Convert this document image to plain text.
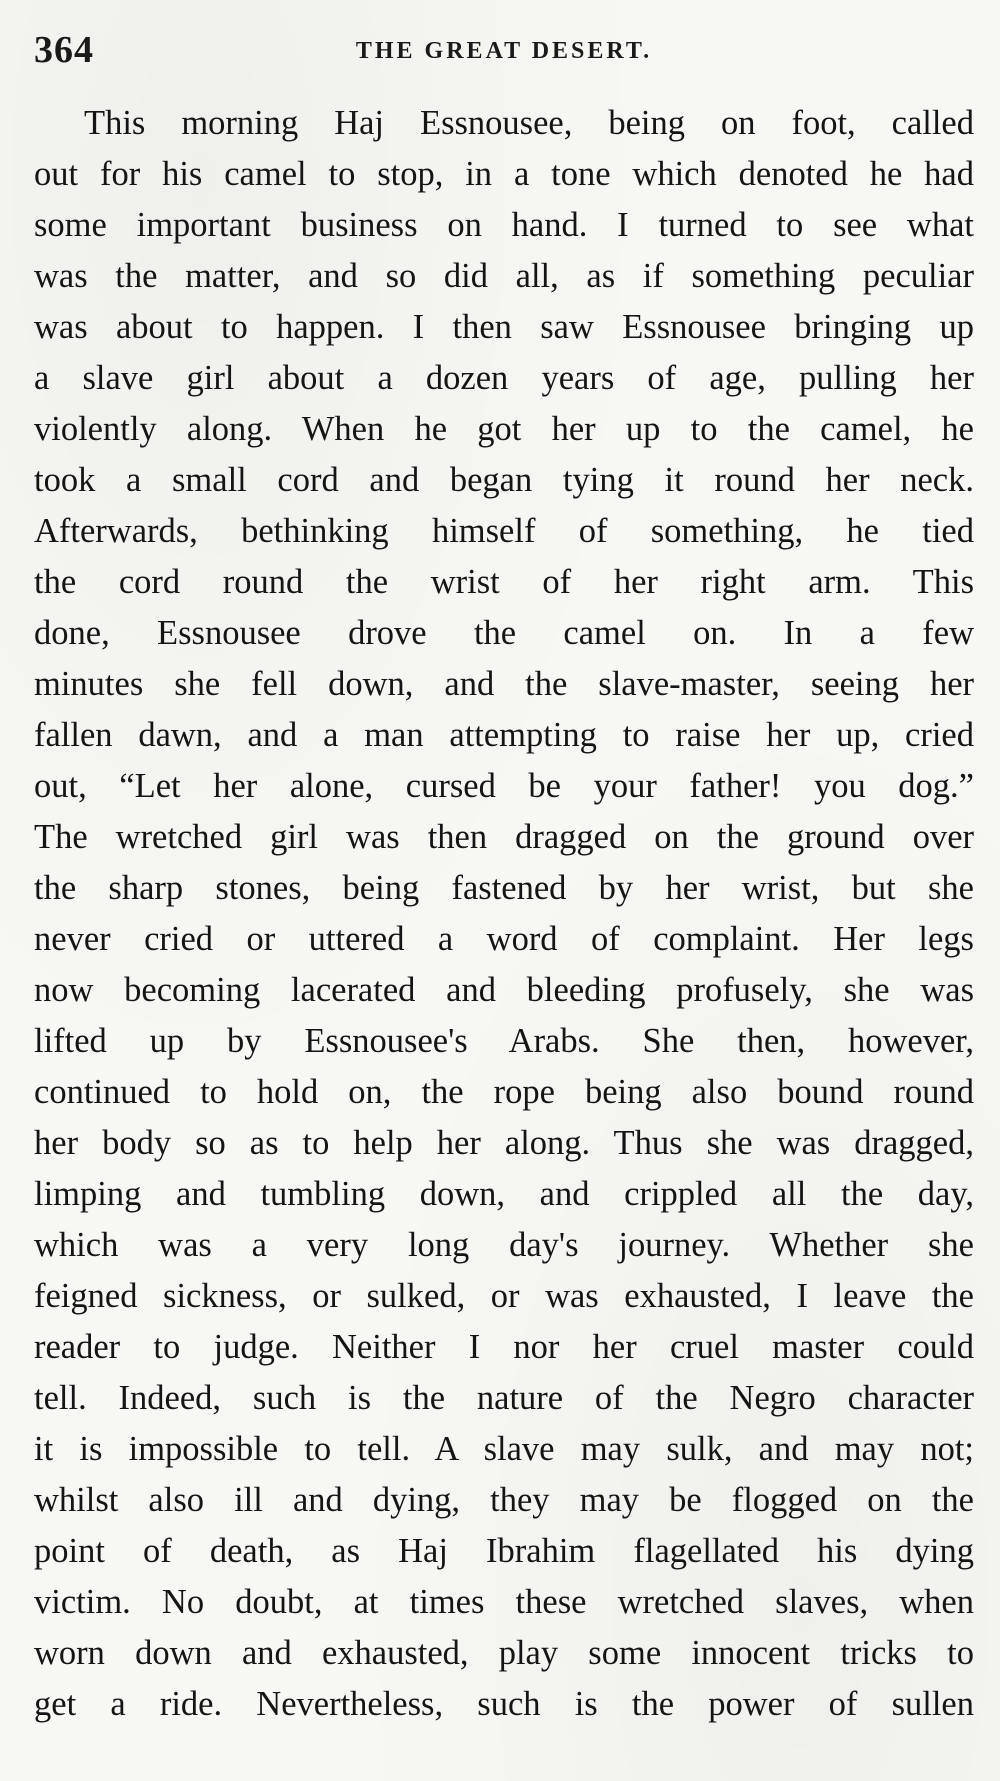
364	THE GREAT DESERT.
This morning Haj Essnousee, being on foot, called
out for his camel to stop, in a tone which denoted he had
some important business on hand. I turned to see what
was the matter, and so did all, as if something peculiar
was about to happen. I then saw Essnousee bringing up
a slave girl about a dozen years of age, pulling her
violently along. When he got her up to the camel, he
took a small cord and began tying it round her neck.
Afterwards, bethinking himself of something, he tied
the cord round the wrist of her right arm. This
done, Essnousee drove the camel on. In a few
minutes she fell down, and the slave-master, seeing her
fallen dawn, and a man attempting to raise her up, cried
out, “Let her alone, cursed be your father! you dog.”
The wretched girl was then dragged on the ground over
the sharp stones, being fastened by her wrist, but she
never cried or uttered a word of complaint. Her legs
now becoming lacerated and bleeding profusely, she was
lifted up by Essnousee's Arabs. She then, however,
continued to hold on, the rope being also bound round
her body so as to help her along. Thus she was dragged,
limping and tumbling down, and crippled all the day,
which was a very long day's journey. Whether she
feigned sickness, or sulked, or was exhausted, I leave the
reader to judge. Neither I nor her cruel master could
tell. Indeed, such is the nature of the Negro character
it is impossible to tell. A slave may sulk, and may not;
whilst also ill and dying, they may be flogged on the
point of death, as Haj Ibrahim flagellated his dying
victim. No doubt, at times these wretched slaves, when
worn down and exhausted, play some innocent tricks to
get a ride. Nevertheless, such is the power of sullen
